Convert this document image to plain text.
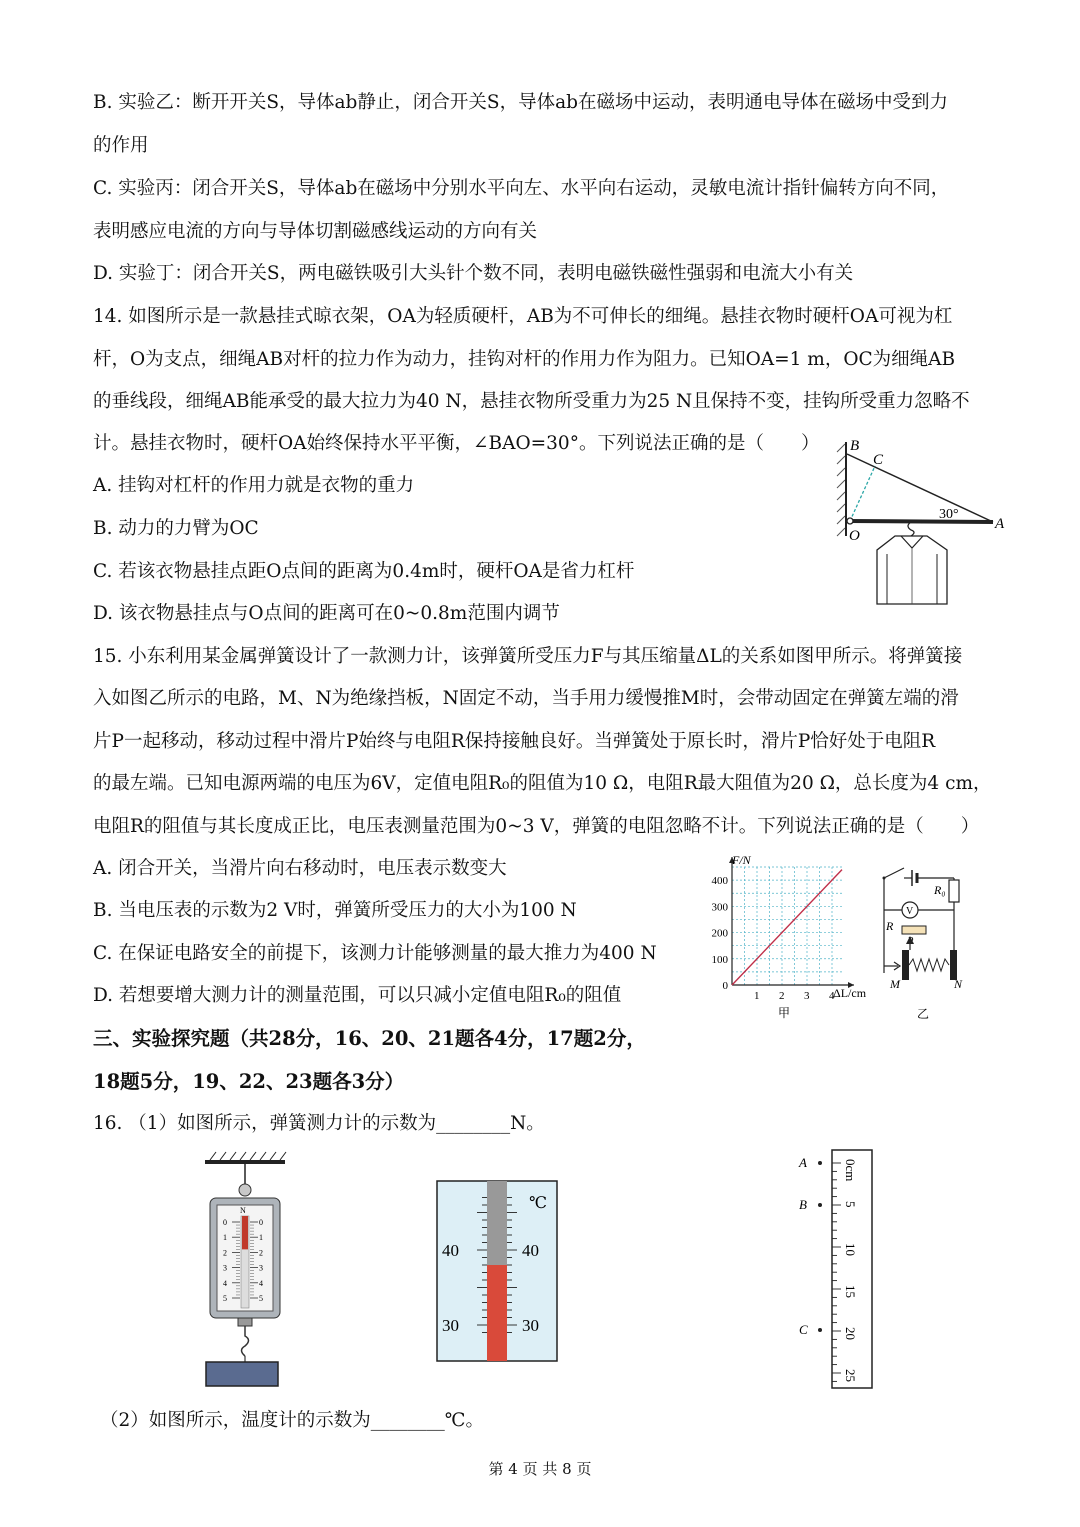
B. 实验乙：断开开关S，导体ab静止，闭合开关S，导体ab在磁场中运动，表明通电导体在磁场中受到力
的作用
C. 实验丙：闭合开关S，导体ab在磁场中分别水平向左、水平向右运动，灵敏电流计指针偏转方向不同，
表明感应电流的方向与导体切割磁感线运动的方向有关
D. 实验丁：闭合开关S，两电磁铁吸引大头针个数不同，表明电磁铁磁性强弱和电流大小有关
14. 如图所示是一款悬挂式晾衣架，OA为轻质硬杆，AB为不可伸长的细绳。悬挂衣物时硬杆OA可视为杠
杆，O为支点，细绳AB对杆的拉力作为动力，挂钩对杆的作用力作为阻力。已知OA=1 m，OC为细绳AB
的垂线段，细绳AB能承受的最大拉力为40 N，悬挂衣物所受重力为25 N且保持不变，挂钩所受重力忽略不
计。悬挂衣物时，硬杆OA始终保持水平平衡，∠BAO=30°。下列说法正确的是（　　）
A. 挂钩对杠杆的作用力就是衣物的重力
B. 动力的力臂为OC
C. 若该衣物悬挂点距O点间的距离为0.4m时，硬杆OA是省力杠杆
D. 该衣物悬挂点与O点间的距离可在0~0.8m范围内调节
15. 小东利用某金属弹簧设计了一款测力计，该弹簧所受压力F与其压缩量ΔL的关系如图甲所示。将弹簧接
入如图乙所示的电路，M、N为绝缘挡板，N固定不动，当手用力缓慢推M时，会带动固定在弹簧左端的滑
片P一起移动，移动过程中滑片P始终与电阻R保持接触良好。当弹簧处于原长时，滑片P恰好处于电阻R
的最左端。已知电源两端的电压为6V，定值电阻R₀的阻值为10 Ω，电阻R最大阻值为20 Ω，总长度为4 cm，
电阻R的阻值与其长度成正比，电压表测量范围为0~3 V，弹簧的电阻忽略不计。下列说法正确的是（　　）
A. 闭合开关，当滑片向右移动时，电压表示数变大
B. 当电压表的示数为2 V时，弹簧所受压力的大小为100 N
C. 在保证电路安全的前提下，该测力计能够测量的最大推力为400 N
D. 若想要增大测力计的测量范围，可以只减小定值电阻R₀的阻值
三、实验探究题（共28分，16、20、21题各4分，17题2分，
18题5分，19、22、23题各3分）
16. （1）如图所示，弹簧测力计的示数为________N。
（2）如图所示，温度计的示数为________℃。
第 4 页 共 8 页
B
C
O
A
30°
1 2 3 4
0
100
200
300
400
F/N
ΔL/cm
甲
R₀
V
R
M	N
乙
N
0	0
1	1
2	2
3	3
4	4
5	5
℃
40	40
30	30
0cm
5
10
15
20
25
A
B
C
